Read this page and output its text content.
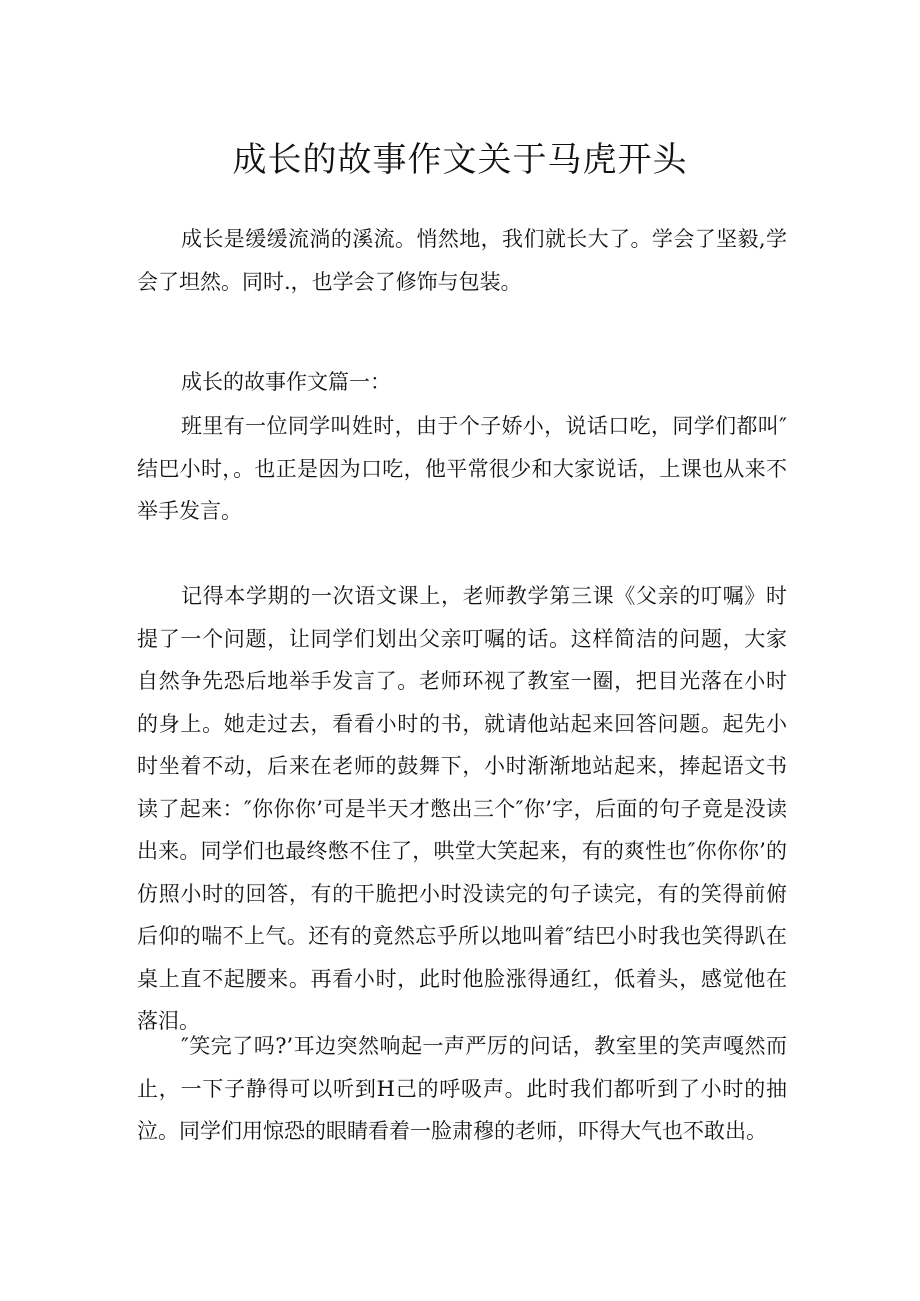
成长的故事作文关于马虎开头

成长是缓缓流淌的溪流。悄然地，我们就长大了。学会了坚毅,学会了坦然。同时.，也学会了修饰与包装。

成长的故事作文篇一：

班里有一位同学叫姓时，由于个子娇小，说话口吃，同学们都叫″结巴小时，。也正是因为口吃，他平常很少和大家说话，上课也从来不举手发言。

记得本学期的一次语文课上，老师教学第三课《父亲的叮嘱》时提了一个问题，让同学们划出父亲叮嘱的话。这样简洁的问题，大家自然争先恐后地举手发言了。老师环视了教室一圈，把目光落在小时的身上。她走过去，看看小时的书，就请他站起来回答问题。起先小时坐着不动，后来在老师的鼓舞下，小时渐渐地站起来，捧起语文书读了起来：″你你你’可是半天才憋出三个″你’字，后面的句子竟是没读出来。同学们也最终憋不住了，哄堂大笑起来，有的爽性也″你你你’的仿照小时的回答，有的干脆把小时没读完的句子读完，有的笑得前俯后仰的喘不上气。还有的竟然忘乎所以地叫着″结巴小时我也笑得趴在桌上直不起腰来。再看小时，此时他脸涨得通红，低着头，感觉他在落泪。

″笑完了吗?’耳边突然响起一声严厉的问话，教室里的笑声嘎然而止，一下子静得可以听到H己的呼吸声。此时我们都听到了小时的抽泣。同学们用惊恐的眼睛看着一脸肃穆的老师，吓得大气也不敢出。
